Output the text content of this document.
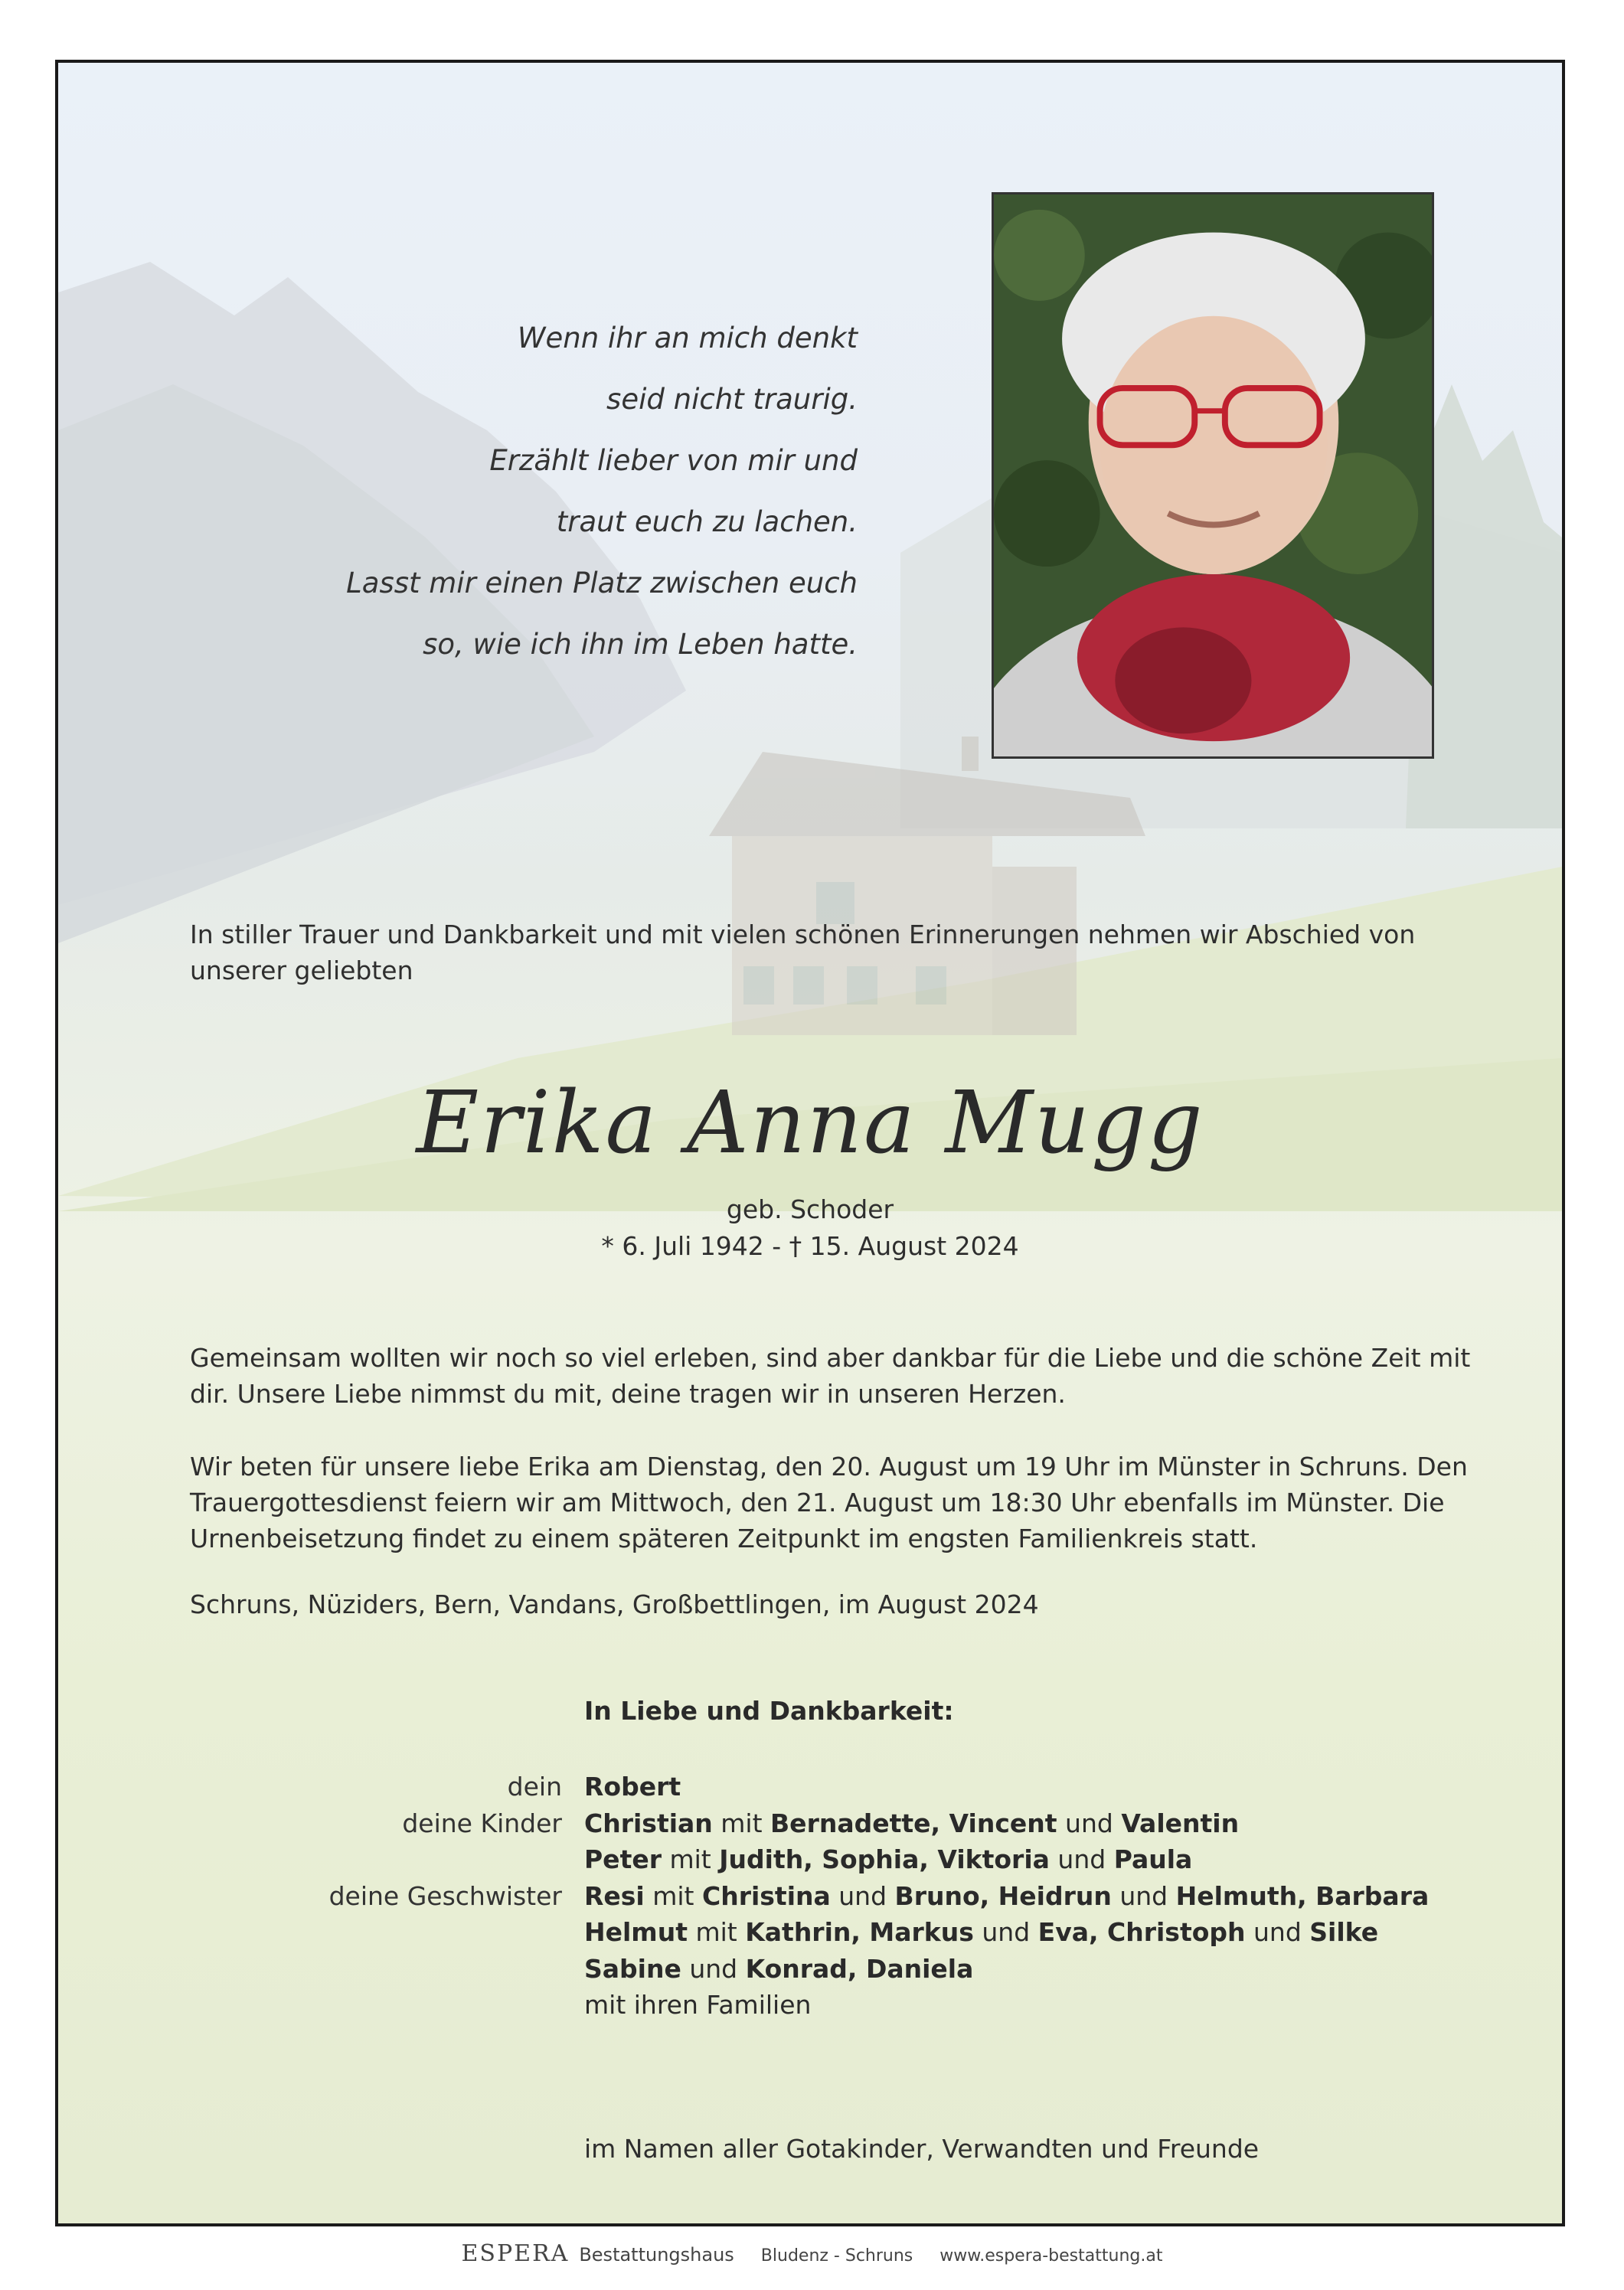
Wenn ihr an mich denkt
seid nicht traurig.
Erzählt lieber von mir und
traut euch zu lachen.
Lasst mir einen Platz zwischen euch
so, wie ich ihn im Leben hatte.
In stiller Trauer und Dankbarkeit und mit vielen schönen Erinnerungen nehmen wir Abschied von unserer geliebten
Erika Anna Mugg
geb. Schoder
* 6. Juli 1942 - † 15. August 2024
Gemeinsam wollten wir noch so viel erleben, sind aber dankbar für die Liebe und die schöne Zeit mit dir. Unsere Liebe nimmst du mit, deine tragen wir in unseren Herzen.
Wir beten für unsere liebe Erika am Dienstag, den 20. August um 19 Uhr im Münster in Schruns. Den Trauergottesdienst feiern wir am Mittwoch, den 21. August um 18:30 Uhr ebenfalls im Münster. Die Urnenbeisetzung findet zu einem späteren Zeitpunkt im engsten Familienkreis statt.
Schruns, Nüziders, Bern, Vandans, Großbettlingen, im August 2024
In Liebe und Dankbarkeit:
dein Robert
deine Kinder Christian mit Bernadette, Vincent und Valentin
Peter mit Judith, Sophia, Viktoria und Paula
deine Geschwister Resi mit Christina und Bruno, Heidrun und Helmuth, Barbara
Helmut mit Kathrin, Markus und Eva, Christoph und Silke
Sabine und Konrad, Daniela
mit ihren Familien
im Namen aller Gotakinder, Verwandten und Freunde
ESPERA Bestattungshaus Bludenz - Schruns www.espera-bestattung.at
